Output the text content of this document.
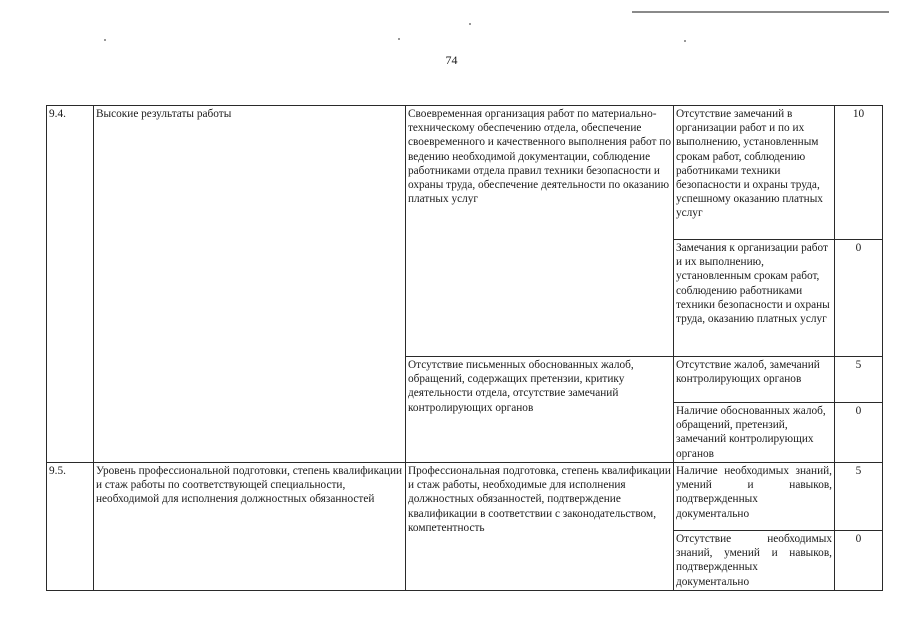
74
9.4.	Высокие результаты работы	Своевременная организация работ по материально-техническому обеспечению отдела, обеспечение своевременного и качественного выполнения работ по ведению необходимой документации, соблюдение работниками отдела правил техники безопасности и охраны труда, обеспечение деятельности по оказанию платных услуг	Отсутствие замечаний в организации работ и по их выполнению, установленным срокам работ, соблюдению работниками техники безопасности и охраны труда, успешному оказанию платных услуг	10
			Замечания к организации работ и их выполнению, установленным срокам работ, соблюдению работниками техники безопасности и охраны труда, оказанию платных услуг	0
		Отсутствие письменных обоснованных жалоб, обращений, содержащих претензии, критику деятельности отдела, отсутствие замечаний контролирующих органов	Отсутствие жалоб, замечаний контролирующих органов	5
			Наличие обоснованных жалоб, обращений, претензий, замечаний контролирующих органов	0
9.5.	Уровень профессиональной подготовки, степень квалификации и стаж работы по соответствующей специальности, необходимой для исполнения должностных обязанностей	Профессиональная подготовка, степень квалификации и стаж работы, необходимые для исполнения должностных обязанностей, подтверждение квалификации в соответствии с законодательством, компетентность	Наличие необходимых знаний, умений и навыков, подтвержденных документально	5
			Отсутствие необходимых знаний, умений и навыков, подтвержденных документально	0
